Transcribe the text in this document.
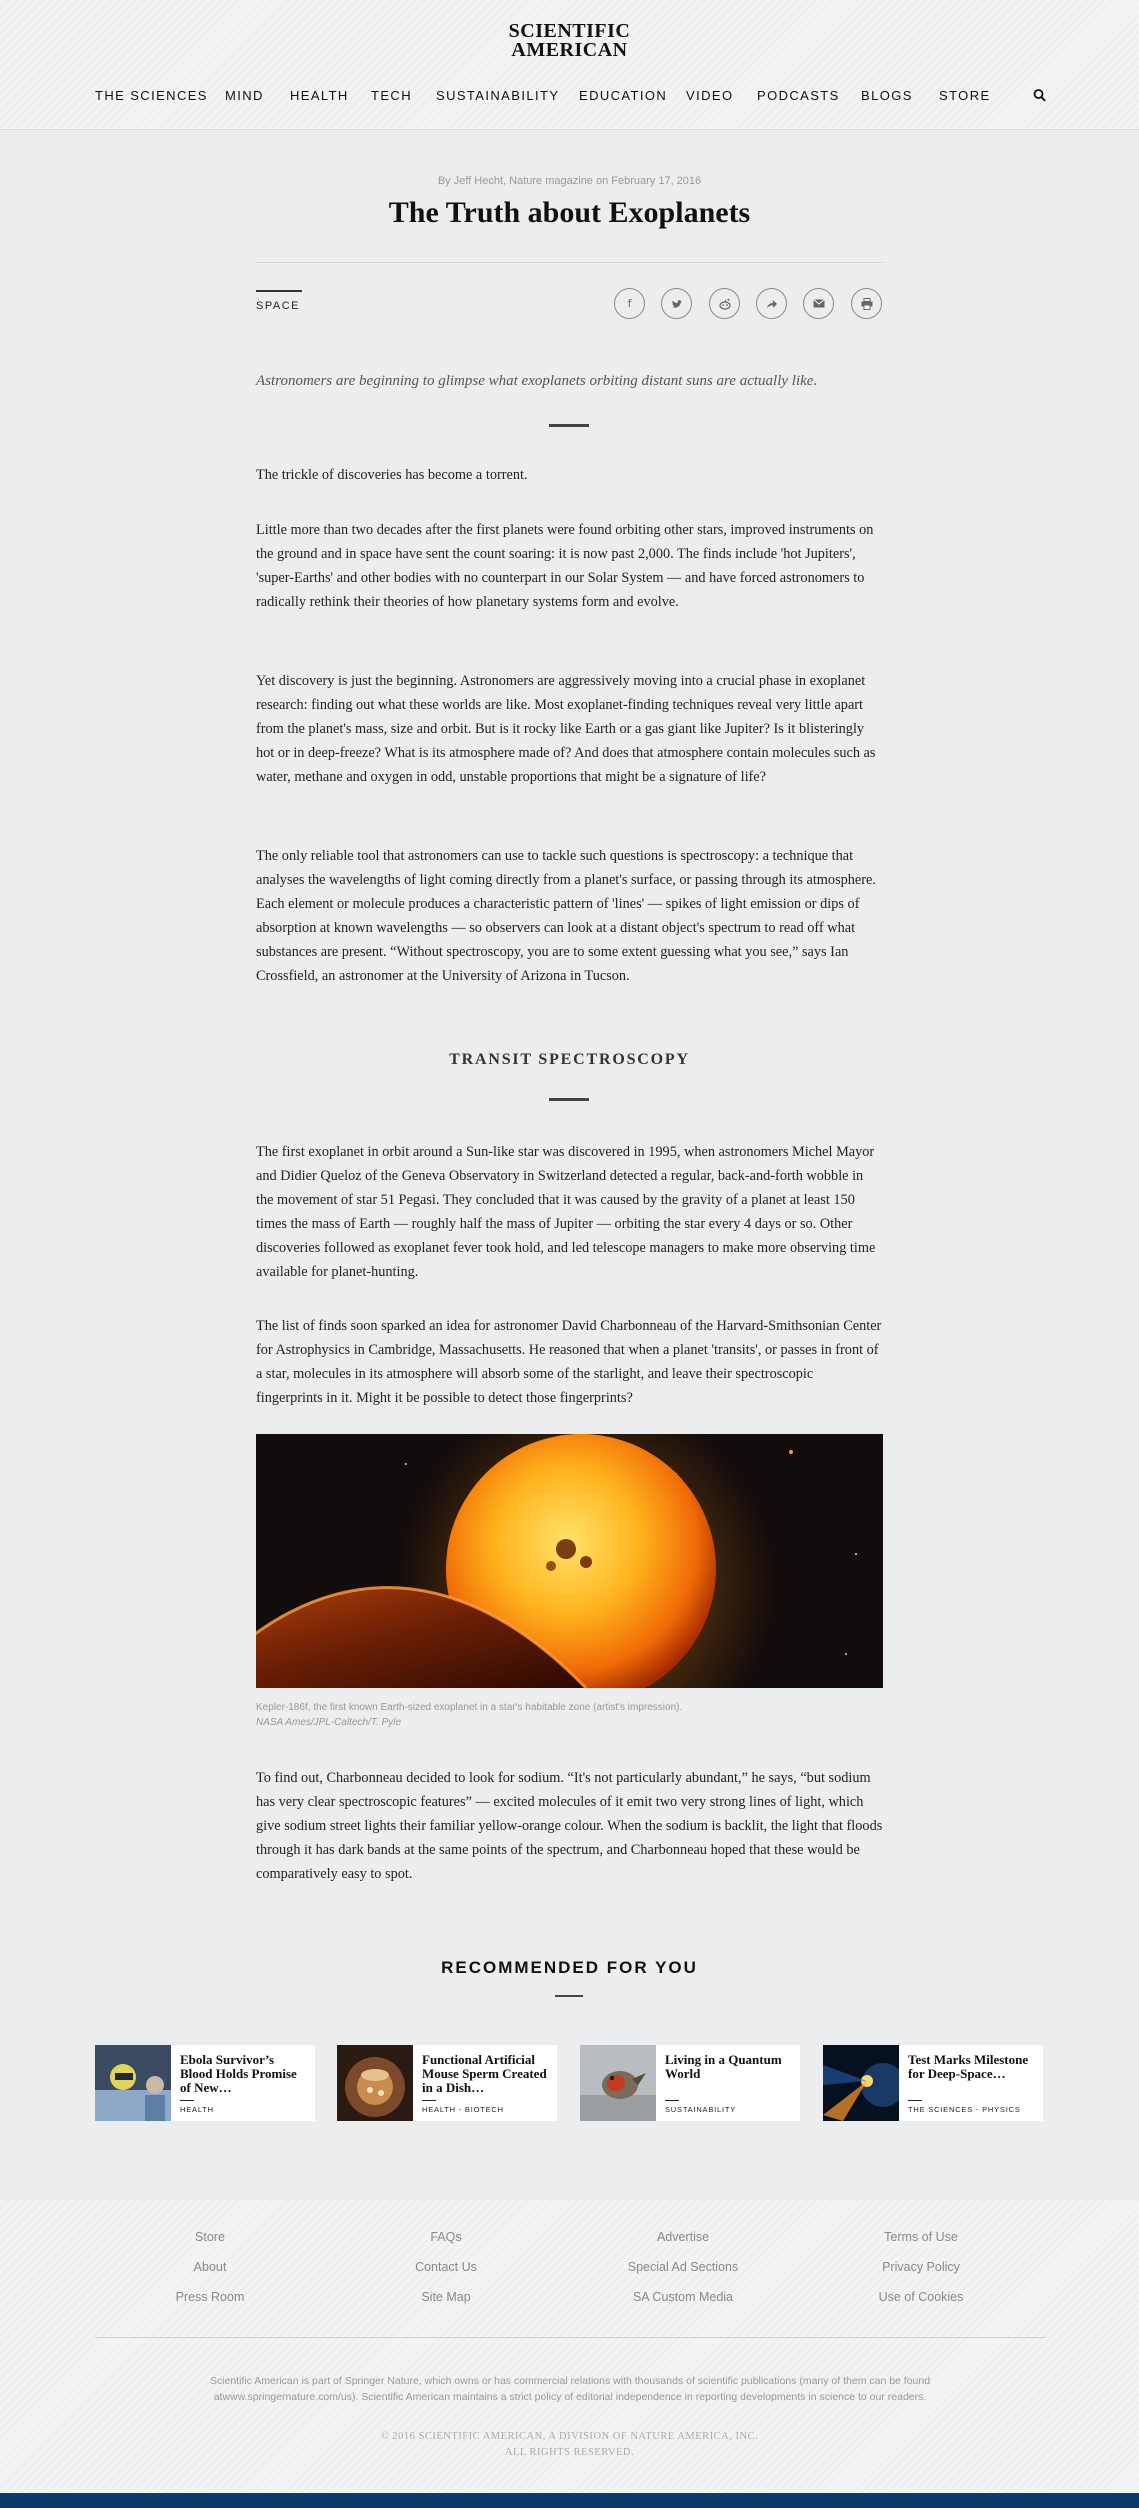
SCIENTIFIC
AMERICAN
THE SCIENCES MIND HEALTH TECH SUSTAINABILITY EDUCATION VIDEO PODCASTS BLOGS STORE
By Jeff Hecht, Nature magazine on February 17, 2016
The Truth about Exoplanets
SPACE	f

Astronomers are beginning to glimpse what exoplanets orbiting distant suns are actually like.

The trickle of discoveries has become a torrent.

Little more than two decades after the first planets were found orbiting other stars, improved instruments on the ground and in space have sent the count soaring: it is now past 2,000. The finds include 'hot Jupiters', 'super-Earths' and other bodies with no counterpart in our Solar System — and have forced astronomers to radically rethink their theories of how planetary systems form and evolve.

Yet discovery is just the beginning. Astronomers are aggressively moving into a crucial phase in exoplanet research: finding out what these worlds are like. Most exoplanet-finding techniques reveal very little apart from the planet's mass, size and orbit. But is it rocky like Earth or a gas giant like Jupiter? Is it blisteringly hot or in deep-freeze? What is its atmosphere made of? And does that atmosphere contain molecules such as water, methane and oxygen in odd, unstable proportions that might be a signature of life?

The only reliable tool that astronomers can use to tackle such questions is spectroscopy: a technique that analyses the wavelengths of light coming directly from a planet's surface, or passing through its atmosphere. Each element or molecule produces a characteristic pattern of 'lines' — spikes of light emission or dips of absorption at known wavelengths — so observers can look at a distant object's spectrum to read off what substances are present. “Without spectroscopy, you are to some extent guessing what you see,” says Ian Crossfield, an astronomer at the University of Arizona in Tucson.

TRANSIT SPECTROSCOPY

The first exoplanet in orbit around a Sun-like star was discovered in 1995, when astronomers Michel Mayor and Didier Queloz of the Geneva Observatory in Switzerland detected a regular, back-and-forth wobble in the movement of star 51 Pegasi. They concluded that it was caused by the gravity of a planet at least 150 times the mass of Earth — roughly half the mass of Jupiter — orbiting the star every 4 days or so. Other discoveries followed as exoplanet fever took hold, and led telescope managers to make more observing time available for planet-hunting.

The list of finds soon sparked an idea for astronomer David Charbonneau of the Harvard-Smithsonian Center for Astrophysics in Cambridge, Massachusetts. He reasoned that when a planet 'transits', or passes in front of a star, molecules in its atmosphere will absorb some of the starlight, and leave their spectroscopic fingerprints in it. Might it be possible to detect those fingerprints?

Kepler-186f, the first known Earth-sized exoplanet in a star's habitable zone (artist's impression).
NASA Ames/JPL-Caltech/T. Pyle

To find out, Charbonneau decided to look for sodium. “It's not particularly abundant,” he says, “but sodium has very clear spectroscopic features” — excited molecules of it emit two very strong lines of light, which give sodium street lights their familiar yellow-orange colour. When the sodium is backlit, the light that floods through it has dark bands at the same points of the spectrum, and Charbonneau hoped that these would be comparatively easy to spot.

RECOMMENDED FOR YOU
Ebola Survivor’s Blood Holds Promise of New…
HEALTH
Functional Artificial Mouse Sperm Created in a Dish…
HEALTH - BIOTECH
Living in a Quantum World
SUSTAINABILITY
Test Marks Milestone for Deep-Space…
THE SCIENCES - PHYSICS
Store	FAQs	Advertise	Terms of Use
About	Contact Us	Special Ad Sections	Privacy Policy
Press Room	Site Map	SA Custom Media	Use of Cookies
Scientific American is part of Springer Nature, which owns or has commercial relations with thousands of scientific publications (many of them can be found
atwww.springernature.com/us). Scientific American maintains a strict policy of editorial independence in reporting developments in science to our readers.
© 2016 SCIENTIFIC AMERICAN, A DIVISION OF NATURE AMERICA, INC.
ALL RIGHTS RESERVED.
